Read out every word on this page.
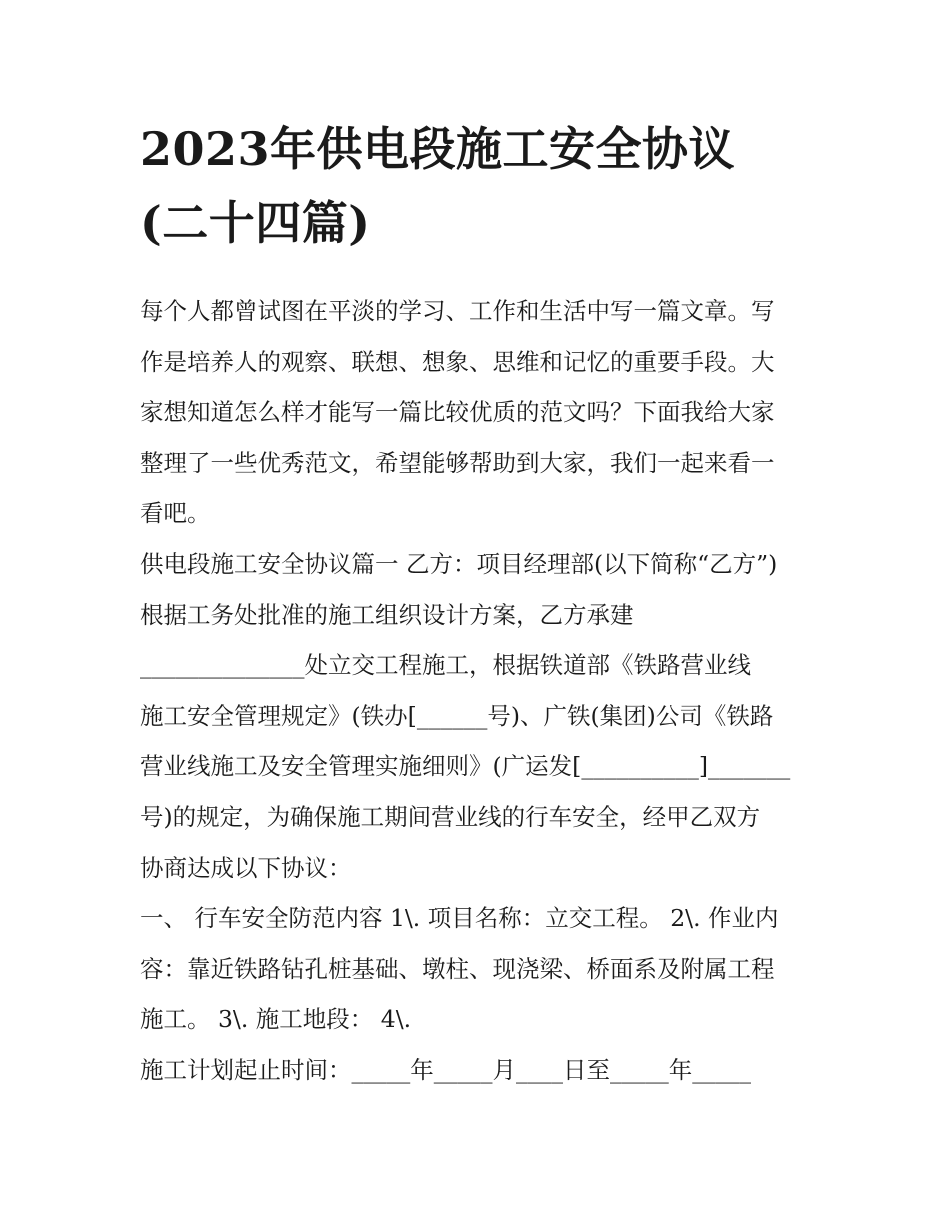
2023年供电段施工安全协议
(二十四篇)

每个人都曾试图在平淡的学习、工作和生活中写一篇文章。写
作是培养人的观察、联想、想象、思维和记忆的重要手段。大
家想知道怎么样才能写一篇比较优质的范文吗？下面我给大家
整理了一些优秀范文，希望能够帮助到大家，我们一起来看一
看吧。

供电段施工安全协议篇一 乙方：项目经理部(以下简称“乙方”)
根据工务处批准的施工组织设计方案，乙方承建
______________处立交工程施工，根据铁道部《铁路营业线
施工安全管理规定》(铁办[______号)、广铁(集团)公司《铁路
营业线施工及安全管理实施细则》(广运发[__________]_______
号)的规定，为确保施工期间营业线的行车安全，经甲乙双方
协商达成以下协议：

一、 行车安全防范内容 1\. 项目名称：立交工程。 2\. 作业内
容：靠近铁路钻孔桩基础、墩柱、现浇梁、桥面系及附属工程
施工。 3\. 施工地段： 4\.

施工计划起止时间：_____年_____月____日至_____年_____
